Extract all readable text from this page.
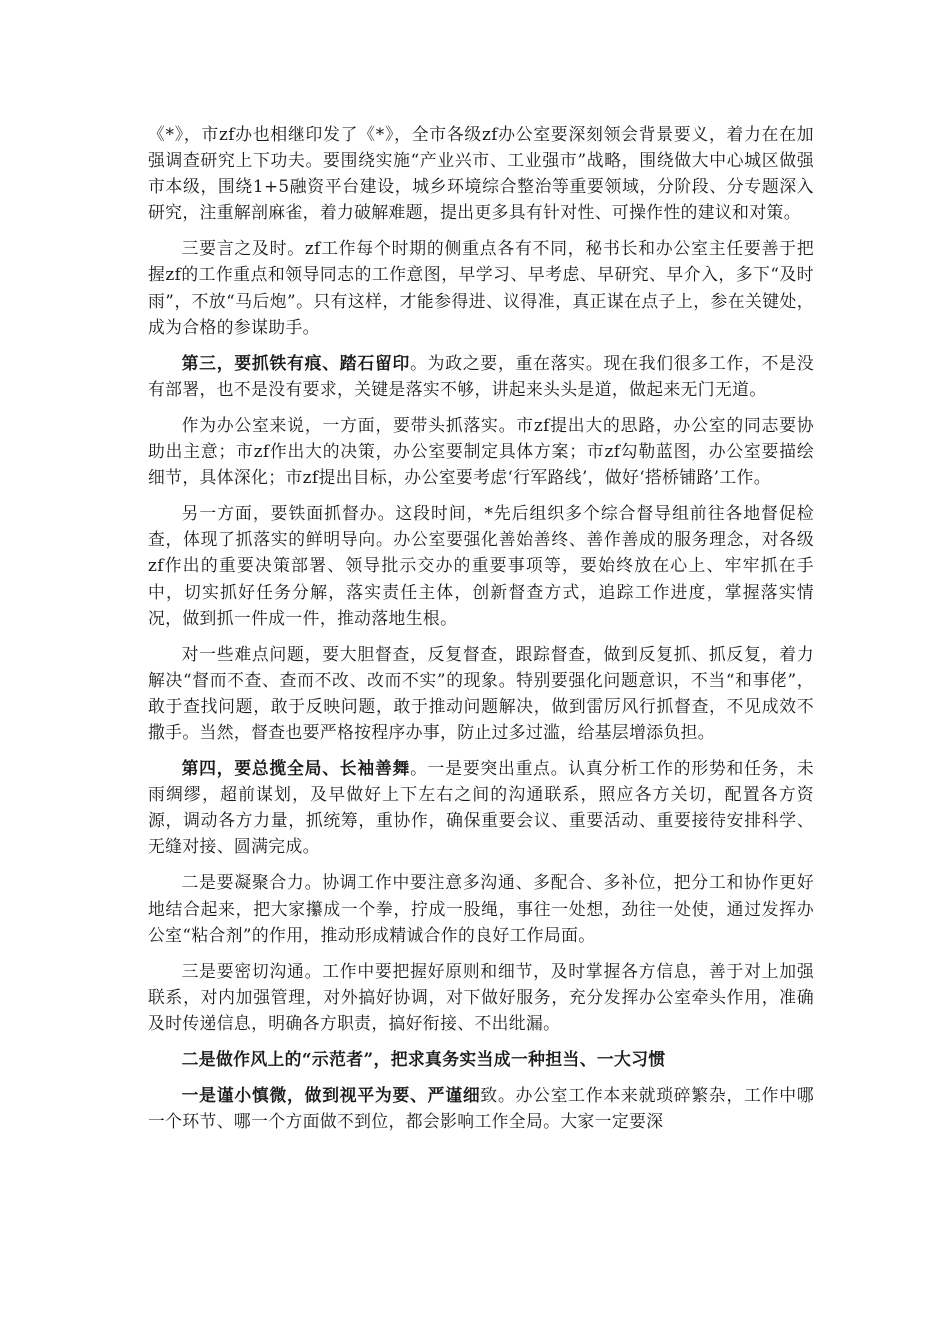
《*》，市zf办也相继印发了《*》，全市各级zf办公室要深刻领会背景要义，着力在在加强调查研究上下功夫。要围绕实施“产业兴市、工业强市”战略，围绕做大中心城区做强市本级，围绕1+5融资平台建设，城乡环境综合整治等重要领域，分阶段、分专题深入研究，注重解剖麻雀，着力破解难题，提出更多具有针对性、可操作性的建议和对策。

三要言之及时。zf工作每个时期的侧重点各有不同，秘书长和办公室主任要善于把握zf的工作重点和领导同志的工作意图，早学习、早考虑、早研究、早介入，多下“及时雨”，不放“马后炮”。只有这样，才能参得进、议得准，真正谋在点子上，参在关键处，成为合格的参谋助手。

第三，要抓铁有痕、踏石留印。为政之要，重在落实。现在我们很多工作，不是没有部署，也不是没有要求，关键是落实不够，讲起来头头是道，做起来无门无道。

作为办公室来说，一方面，要带头抓落实。市zf提出大的思路，办公室的同志要协助出主意；市zf作出大的决策，办公室要制定具体方案；市zf勾勒蓝图，办公室要描绘细节，具体深化；市zf提出目标，办公室要考虑‘行军路线’，做好‘搭桥铺路’工作。

另一方面，要铁面抓督办。这段时间，*先后组织多个综合督导组前往各地督促检查，体现了抓落实的鲜明导向。办公室要强化善始善终、善作善成的服务理念，对各级zf作出的重要决策部署、领导批示交办的重要事项等，要始终放在心上、牢牢抓在手中，切实抓好任务分解，落实责任主体，创新督查方式，追踪工作进度，掌握落实情况，做到抓一件成一件，推动落地生根。

对一些难点问题，要大胆督查，反复督查，跟踪督查，做到反复抓、抓反复，着力解决“督而不查、查而不改、改而不实”的现象。特别要强化问题意识，不当“和事佬”，敢于查找问题，敢于反映问题，敢于推动问题解决，做到雷厉风行抓督查，不见成效不撒手。当然，督查也要严格按程序办事，防止过多过滥，给基层增添负担。

第四，要总揽全局、长袖善舞。一是要突出重点。认真分析工作的形势和任务，未雨绸缪，超前谋划，及早做好上下左右之间的沟通联系，照应各方关切，配置各方资源，调动各方力量，抓统筹，重协作，确保重要会议、重要活动、重要接待安排科学、无缝对接、圆满完成。

二是要凝聚合力。协调工作中要注意多沟通、多配合、多补位，把分工和协作更好地结合起来，把大家攥成一个拳，拧成一股绳，事往一处想，劲往一处使，通过发挥办公室“粘合剂”的作用，推动形成精诚合作的良好工作局面。

三是要密切沟通。工作中要把握好原则和细节，及时掌握各方信息，善于对上加强联系，对内加强管理，对外搞好协调，对下做好服务，充分发挥办公室牵头作用，准确及时传递信息，明确各方职责，搞好衔接、不出纰漏。

二是做作风上的“示范者”，把求真务实当成一种担当、一大习惯

一是谨小慎微，做到视平为要、严谨细致。办公室工作本来就琐碎繁杂，工作中哪一个环节、哪一个方面做不到位，都会影响工作全局。大家一定要深
